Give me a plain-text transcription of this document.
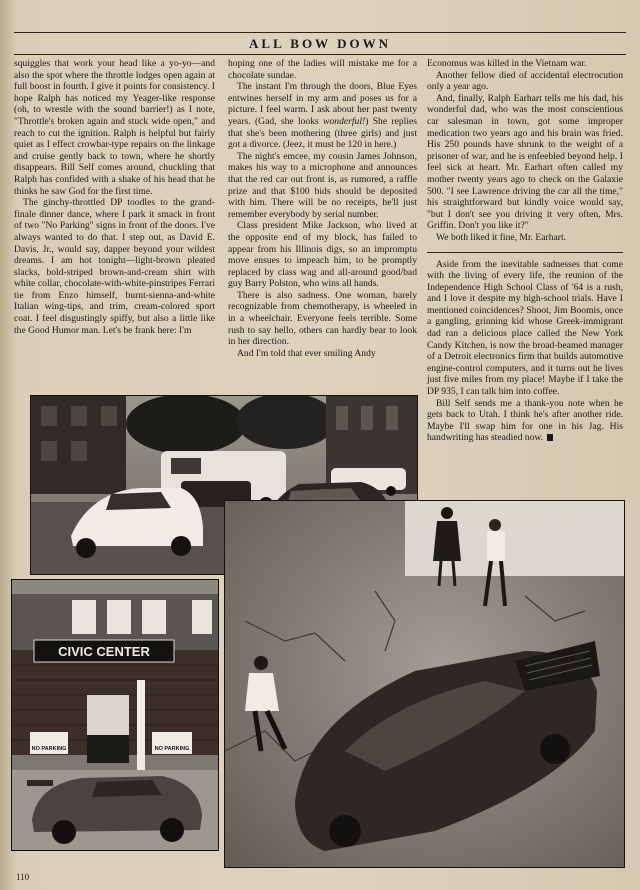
ALL BOW DOWN

squiggles that work your head like a yo-yo—and also the spot where the throttle lodges open again at full boost in fourth. I give it points for consistency. I hope Ralph has noticed my Yeager-like response (oh, to wrestle with the sound barrier!) as I note, "Throttle's broken again and stuck wide open," and reach to cut the ignition. Ralph is helpful but fairly quiet as I effect crowbar-type repairs on the linkage and cruise gently back to town, where he shortly disappears. Bill Self comes around, chuckling that Ralph has confided with a shake of his head that he thinks he saw God for the first time.

The ginchy-throttled DP toodles to the grand-finale dinner dance, where I park it smack in front of two "No Parking" signs in front of the doors. I've always wanted to do that. I step out, as David E. Davis, Jr., would say, dapper beyond your wildest dreams. I am hot tonight—light-brown pleated slacks, bold-striped brown-and-cream shirt with white collar, chocolate-with-white-pinstripes Ferrari tie from Enzo himself, burnt-sienna-and-white Italian wing-tips, and trim, cream-colored sport coat. I feel disgustingly spiffy, but also a little like the Good Humor man. Let's be frank here: I'm

hoping one of the ladies will mistake me for a chocolate sundae.

The instant I'm through the doors, Blue Eyes entwines herself in my arm and poses us for a picture. I feel warm. I ask about her past twenty years. (Gad, she looks wonderful!) She replies that she's been mothering (three girls) and just got a divorce. (Jeez, it must be 120 in here.)

The night's emcee, my cousin James Johnson, makes his way to a microphone and announces that the red car out front is, as rumored, a raffle prize and that $100 bids should be deposited with him. There will be no receipts, he'll just remember everybody by serial number.

Class president Mike Jackson, who lived at the opposite end of my block, has failed to appear from his Illinois digs, so an impromptu move ensues to impeach him, to be promptly replaced by class wag and all-around good/bad guy Barry Polston, who wins all hands.

There is also sadness. One woman, barely recognizable from chemotherapy, is wheeled in in a wheelchair. Everyone feels terrible. Some rush to say hello, others can hardly bear to look in her direction.

And I'm told that ever smiling Andy

Economus was killed in the Vietnam war.

Another fellow died of accidental electrocution only a year ago.

And, finally, Ralph Earhart tells me his dad, his wonderful dad, who was the most conscientious car salesman in town, got some improper medication two years ago and his brain was fried. His 250 pounds have shrunk to the weight of a prisoner of war, and he is enfeebled beyond help. I feel sick at heart. Mr. Earhart often called my mother twenty years ago to check on the Galaxie 500. "I see Lawrence driving the car all the time," his straightforward but kindly voice would say, "but I don't see you driving it very often, Mrs. Griffin. Don't you like it?"

We both liked it fine, Mr. Earhart.

Aside from the inevitable sadnesses that come with the living of every life, the reunion of the Independence High School Class of '64 is a rush, and I love it despite my high-school trials. Have I mentioned coincidences? Shoot, Jim Boomis, once a gangling, grinning kid whose Greek-immigrant dad ran a delicious place called the New York Candy Kitchen, is now the broad-beamed manager of a Detroit electronics firm that builds automotive engine-control computers, and it turns out he lives just five miles from my place! Maybe if I take the DP 935, I can talk him into coffee.

Bill Self sends me a thank-you note when he gets back to Utah. I think he's after another ride. Maybe I'll swap him for one in his Jag. His handwriting has steadied now.

CIVIC CENTER
NO PARKING	NO PARKING
110
